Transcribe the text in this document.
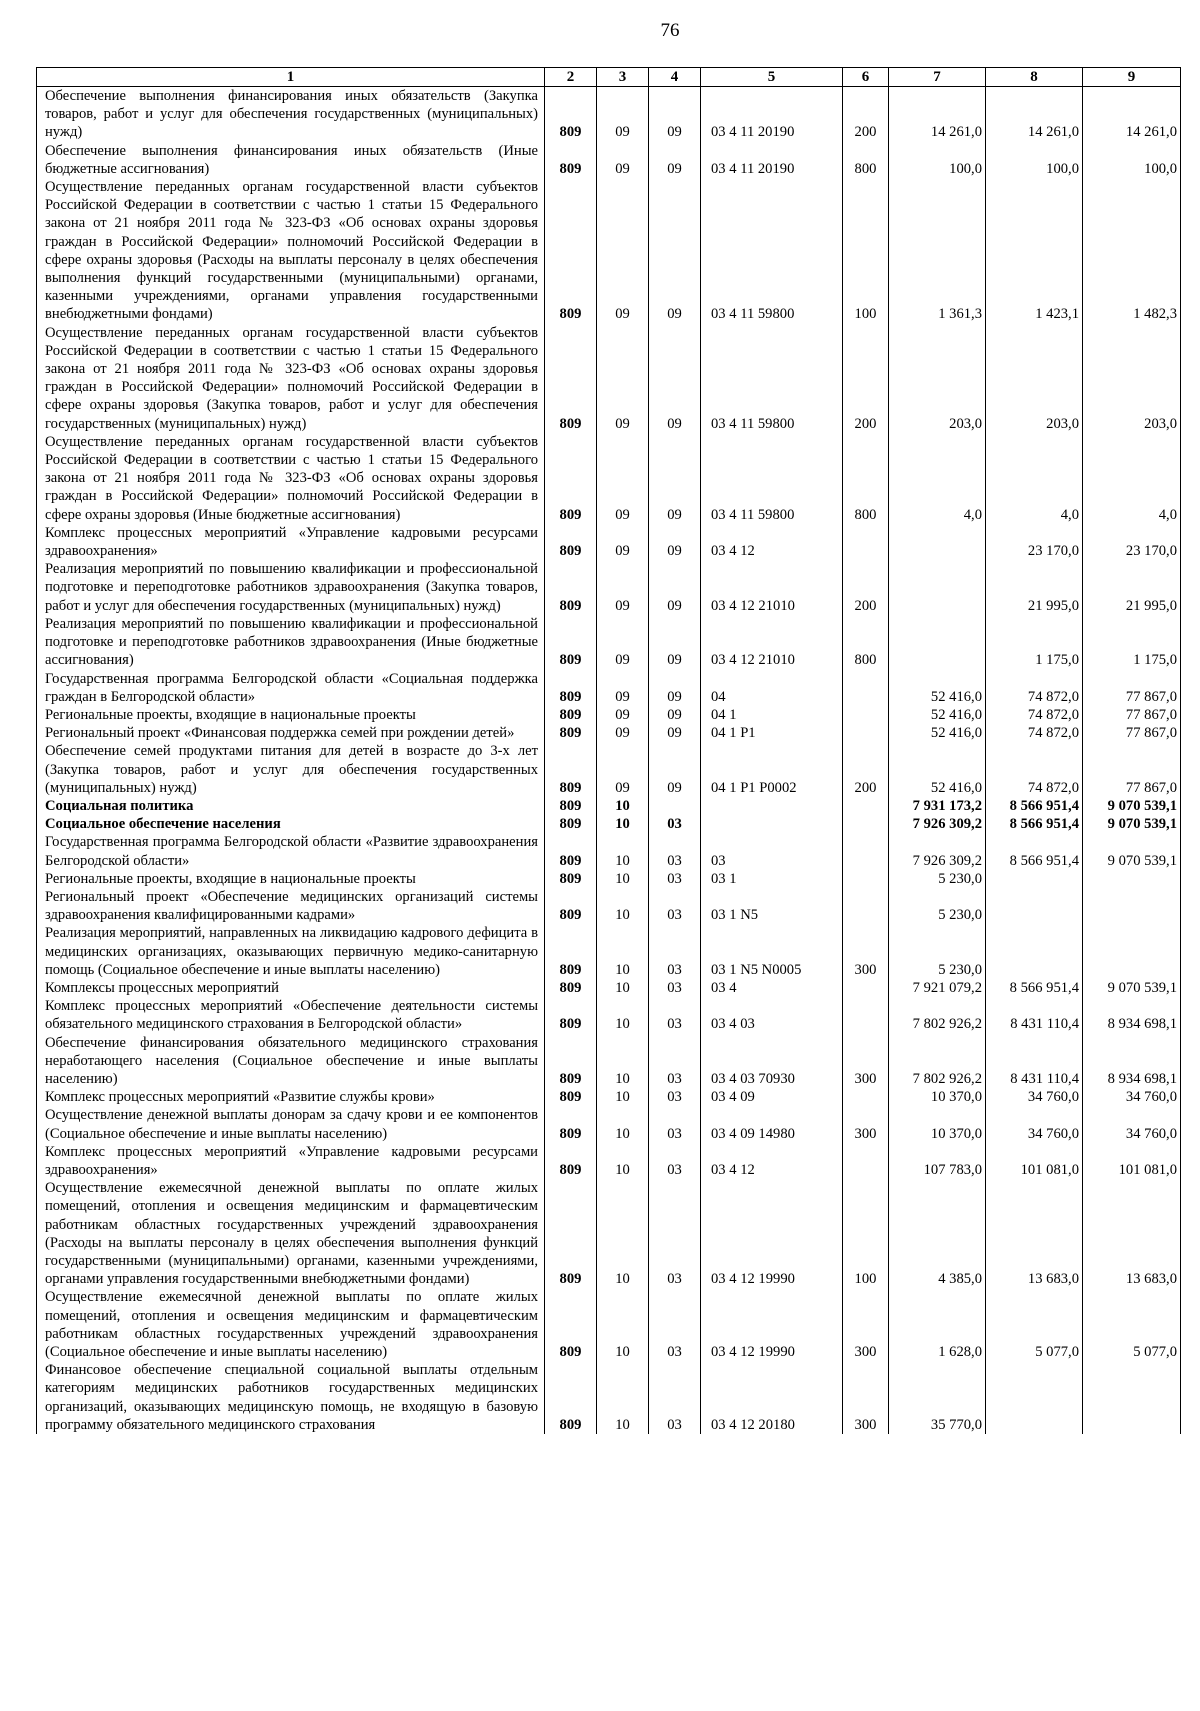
76
1	2	3	4	5	6	7	8	9
Обеспечение выполнения финансирования иных обязательств (Закупка товаров, работ и услуг для обеспечения государственных (муниципальных) нужд)	809	09	09	03 4 11 20190	200	14 261,0	14 261,0	14 261,0
Обеспечение выполнения финансирования иных обязательств (Иные бюджетные ассигнования)	809	09	09	03 4 11 20190	800	100,0	100,0	100,0
Осуществление переданных органам государственной власти субъектов Российской Федерации в соответствии с частью 1 статьи 15 Федерального закона от 21 ноября 2011 года № 323-ФЗ «Об основах охраны здоровья граждан в Российской Федерации» полномочий Российской Федерации в сфере охраны здоровья (Расходы на выплаты персоналу в целях обеспечения выполнения функций государственными (муниципальными) органами, казенными учреждениями, органами управления государственными внебюджетными фондами)	809	09	09	03 4 11 59800	100	1 361,3	1 423,1	1 482,3
Осуществление переданных органам государственной власти субъектов Российской Федерации в соответствии с частью 1 статьи 15 Федерального закона от 21 ноября 2011 года № 323-ФЗ «Об основах охраны здоровья граждан в Российской Федерации» полномочий Российской Федерации в сфере охраны здоровья (Закупка товаров, работ и услуг для обеспечения государственных (муниципальных) нужд)	809	09	09	03 4 11 59800	200	203,0	203,0	203,0
Осуществление переданных органам государственной власти субъектов Российской Федерации в соответствии с частью 1 статьи 15 Федерального закона от 21 ноября 2011 года № 323-ФЗ «Об основах охраны здоровья граждан в Российской Федерации» полномочий Российской Федерации в сфере охраны здоровья (Иные бюджетные ассигнования)	809	09	09	03 4 11 59800	800	4,0	4,0	4,0
Комплекс процессных мероприятий «Управление кадровыми ресурсами здравоохранения»	809	09	09	03 4 12			23 170,0	23 170,0
Реализация мероприятий по повышению квалификации и профессиональной подготовке и переподготовке работников здравоохранения (Закупка товаров, работ и услуг для обеспечения государственных (муниципальных) нужд)	809	09	09	03 4 12 21010	200		21 995,0	21 995,0
Реализация мероприятий по повышению квалификации и профессиональной подготовке и переподготовке работников здравоохранения (Иные бюджетные ассигнования)	809	09	09	03 4 12 21010	800		1 175,0	1 175,0
Государственная программа Белгородской области «Социальная поддержка граждан в Белгородской области»	809	09	09	04		52 416,0	74 872,0	77 867,0
Региональные проекты, входящие в национальные проекты	809	09	09	04 1		52 416,0	74 872,0	77 867,0
Региональный проект «Финансовая поддержка семей при рождении детей»	809	09	09	04 1 P1		52 416,0	74 872,0	77 867,0
Обеспечение семей продуктами питания для детей в возрасте до 3-х лет (Закупка товаров, работ и услуг для обеспечения государственных (муниципальных) нужд)	809	09	09	04 1 P1 P0002	200	52 416,0	74 872,0	77 867,0
Социальная политика	809	10				7 931 173,2	8 566 951,4	9 070 539,1
Социальное обеспечение населения	809	10	03			7 926 309,2	8 566 951,4	9 070 539,1
Государственная программа Белгородской области «Развитие здравоохранения Белгородской области»	809	10	03	03		7 926 309,2	8 566 951,4	9 070 539,1
Региональные проекты, входящие в национальные проекты	809	10	03	03 1		5 230,0		
Региональный проект «Обеспечение медицинских организаций системы здравоохранения квалифицированными кадрами»	809	10	03	03 1 N5		5 230,0		
Реализация мероприятий, направленных на ликвидацию кадрового дефицита в медицинских организациях, оказывающих первичную медико-санитарную помощь (Социальное обеспечение и иные выплаты населению)	809	10	03	03 1 N5 N0005	300	5 230,0		
Комплексы процессных мероприятий	809	10	03	03 4		7 921 079,2	8 566 951,4	9 070 539,1
Комплекс процессных мероприятий «Обеспечение деятельности системы обязательного медицинского страхования в Белгородской области»	809	10	03	03 4 03		7 802 926,2	8 431 110,4	8 934 698,1
Обеспечение финансирования обязательного медицинского страхования неработающего населения (Социальное обеспечение и иные выплаты населению)	809	10	03	03 4 03 70930	300	7 802 926,2	8 431 110,4	8 934 698,1
Комплекс процессных мероприятий «Развитие службы крови»	809	10	03	03 4 09		10 370,0	34 760,0	34 760,0
Осуществление денежной выплаты донорам за сдачу крови и ее компонентов (Социальное обеспечение и иные выплаты населению)	809	10	03	03 4 09 14980	300	10 370,0	34 760,0	34 760,0
Комплекс процессных мероприятий «Управление кадровыми ресурсами здравоохранения»	809	10	03	03 4 12		107 783,0	101 081,0	101 081,0
Осуществление ежемесячной денежной выплаты по оплате жилых помещений, отопления и освещения медицинским и фармацевтическим работникам областных государственных учреждений здравоохранения (Расходы на выплаты персоналу в целях обеспечения выполнения функций государственными (муниципальными) органами, казенными учреждениями, органами управления государственными внебюджетными фондами)	809	10	03	03 4 12 19990	100	4 385,0	13 683,0	13 683,0
Осуществление ежемесячной денежной выплаты по оплате жилых помещений, отопления и освещения медицинским и фармацевтическим работникам областных государственных учреждений здравоохранения (Социальное обеспечение и иные выплаты населению)	809	10	03	03 4 12 19990	300	1 628,0	5 077,0	5 077,0
Финансовое обеспечение специальной социальной выплаты отдельным категориям медицинских работников государственных медицинских организаций, оказывающих медицинскую помощь, не входящую в базовую программу обязательного медицинского страхования	809	10	03	03 4 12 20180	300	35 770,0		
